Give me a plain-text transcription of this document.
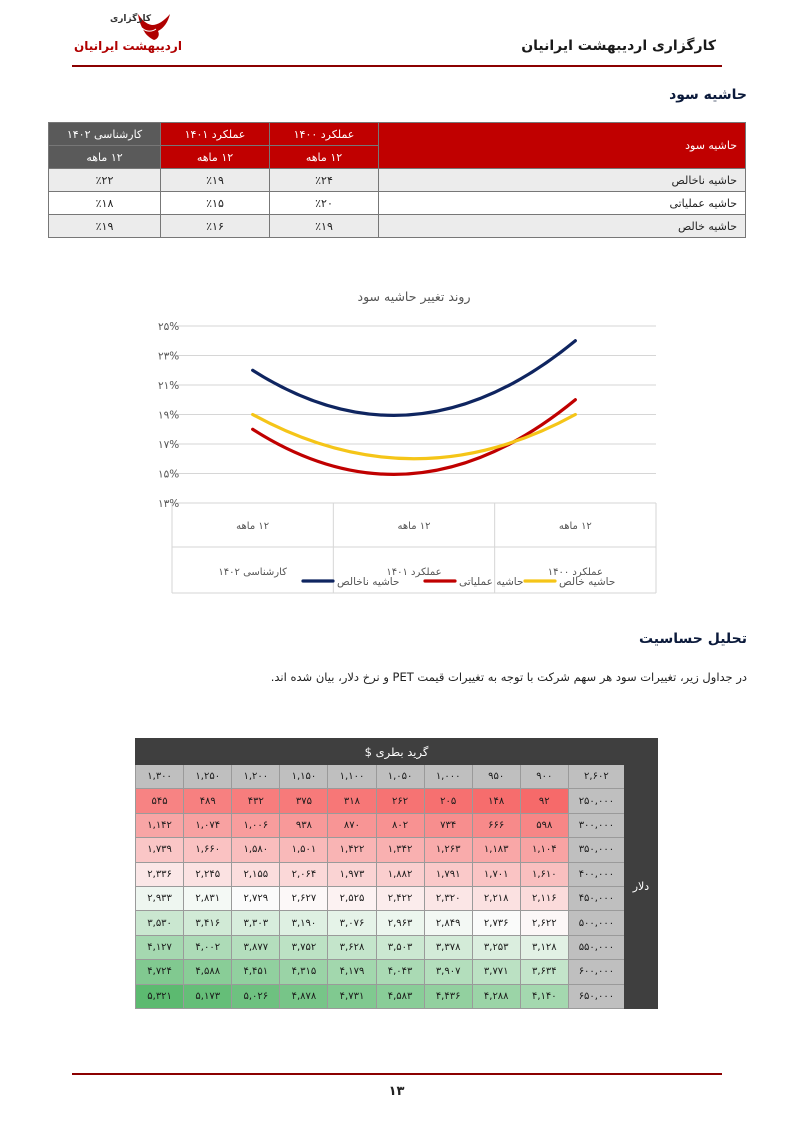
کارگزاری اردیبهشت ایرانیان
کارگزاری
اردیبهشت ایرانیان
حاشیه سود
حاشیه سود	عملکرد ۱۴۰۰	عملکرد ۱۴۰۱	کارشناسی ۱۴۰۲
	۱۲ ماهه	۱۲ ماهه	۱۲ ماهه
حاشیه ناخالص	٪۲۴	٪۱۹	٪۲۲
حاشیه عملیاتی	٪۲۰	٪۱۵	٪۱۸
حاشیه خالص	٪۱۹	٪۱۶	٪۱۹
روند تغییر حاشیه سود
۱۳%
۱۵%
۱۷%
۱۹%
۲۱%
۲۳%
۲۵%
۱۲ ماهه
عملکرد ۱۴۰۰
۱۲ ماهه
عملکرد ۱۴۰۱
۱۲ ماهه
کارشناسی ۱۴۰۲
حاشیه ناخالص	حاشیه عملیاتی	حاشیه خالص
تحلیل حساسیت
در جداول زیر، تغییرات سود هر سهم شرکت با توجه به تغییرات قیمت PET و نرخ دلار، بیان شده اند.
گرید بطری $										
دلار	۲,۶۰۲	۹۰۰	۹۵۰	۱,۰۰۰	۱,۰۵۰	۱,۱۰۰	۱,۱۵۰	۱,۲۰۰	۱,۲۵۰	۱,۳۰۰
	۲۵۰,۰۰۰	۹۲	۱۴۸	۲۰۵	۲۶۲	۳۱۸	۳۷۵	۴۳۲	۴۸۹	۵۴۵
	۳۰۰,۰۰۰	۵۹۸	۶۶۶	۷۳۴	۸۰۲	۸۷۰	۹۳۸	۱,۰۰۶	۱,۰۷۴	۱,۱۴۲
	۳۵۰,۰۰۰	۱,۱۰۴	۱,۱۸۳	۱,۲۶۳	۱,۳۴۲	۱,۴۲۲	۱,۵۰۱	۱,۵۸۰	۱,۶۶۰	۱,۷۳۹
	۴۰۰,۰۰۰	۱,۶۱۰	۱,۷۰۱	۱,۷۹۱	۱,۸۸۲	۱,۹۷۳	۲,۰۶۴	۲,۱۵۵	۲,۲۴۵	۲,۳۳۶
	۴۵۰,۰۰۰	۲,۱۱۶	۲,۲۱۸	۲,۳۲۰	۲,۴۲۲	۲,۵۲۵	۲,۶۲۷	۲,۷۲۹	۲,۸۳۱	۲,۹۳۳
	۵۰۰,۰۰۰	۲,۶۲۲	۲,۷۳۶	۲,۸۴۹	۲,۹۶۳	۳,۰۷۶	۳,۱۹۰	۳,۳۰۳	۳,۴۱۶	۳,۵۳۰
	۵۵۰,۰۰۰	۳,۱۲۸	۳,۲۵۳	۳,۳۷۸	۳,۵۰۳	۳,۶۲۸	۳,۷۵۲	۳,۸۷۷	۴,۰۰۲	۴,۱۲۷
	۶۰۰,۰۰۰	۳,۶۳۴	۳,۷۷۱	۳,۹۰۷	۴,۰۴۳	۴,۱۷۹	۴,۳۱۵	۴,۴۵۱	۴,۵۸۸	۴,۷۲۴
	۶۵۰,۰۰۰	۴,۱۴۰	۴,۲۸۸	۴,۴۳۶	۴,۵۸۳	۴,۷۳۱	۴,۸۷۸	۵,۰۲۶	۵,۱۷۳	۵,۳۲۱
۱۳
